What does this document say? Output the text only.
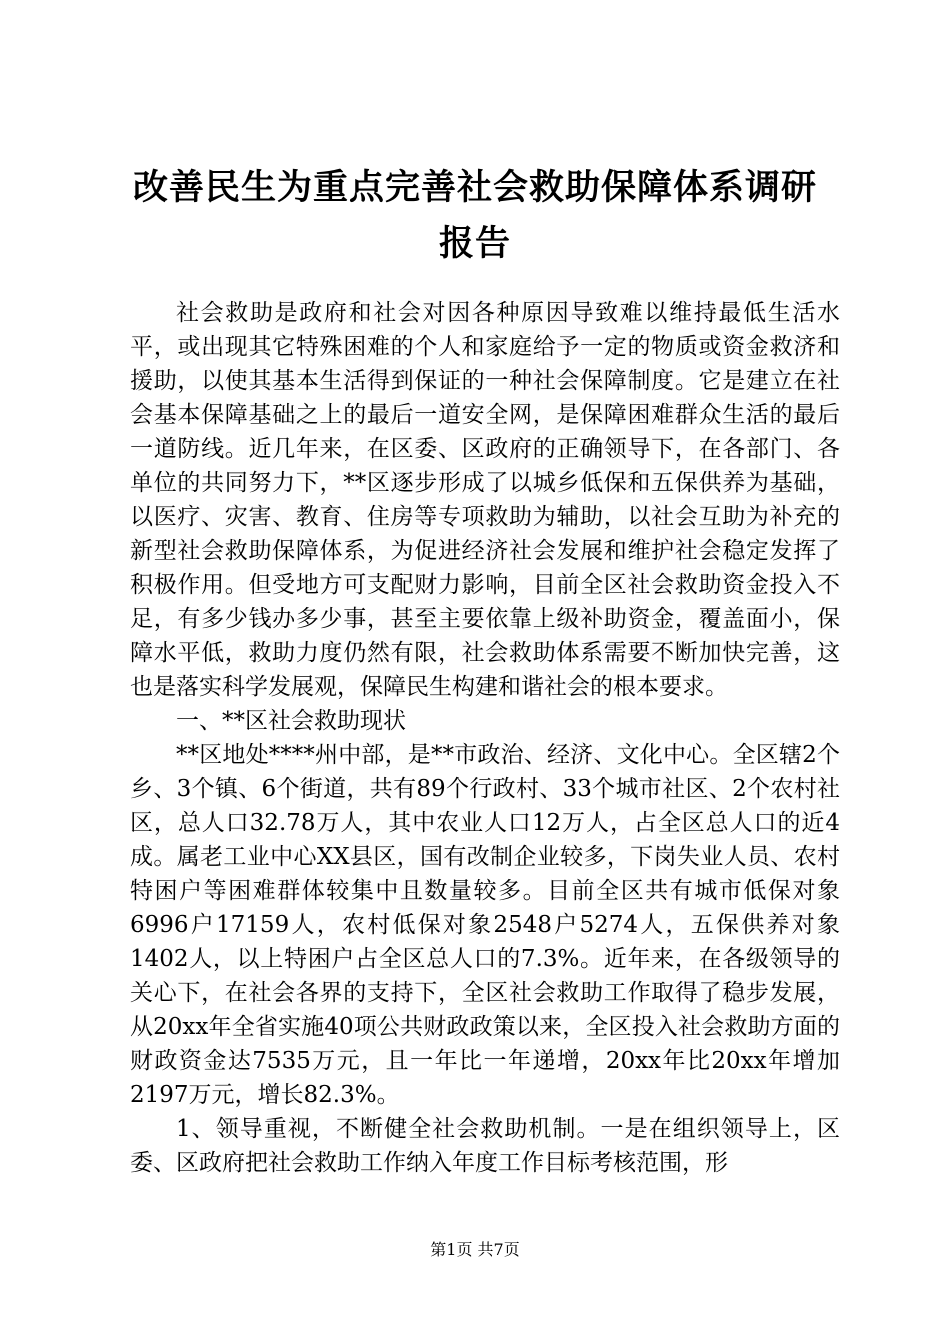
改善民生为重点完善社会救助保障体系调研报告

社会救助是政府和社会对因各种原因导致难以维持最低生活水平，或出现其它特殊困难的个人和家庭给予一定的物质或资金救济和援助，以使其基本生活得到保证的一种社会保障制度。它是建立在社会基本保障基础之上的最后一道安全网，是保障困难群众生活的最后一道防线。近几年来，在区委、区政府的正确领导下，在各部门、各单位的共同努力下，**区逐步形成了以城乡低保和五保供养为基础，以医疗、灾害、教育、住房等专项救助为辅助，以社会互助为补充的新型社会救助保障体系，为促进经济社会发展和维护社会稳定发挥了积极作用。但受地方可支配财力影响，目前全区社会救助资金投入不足，有多少钱办多少事，甚至主要依靠上级补助资金，覆盖面小，保障水平低，救助力度仍然有限，社会救助体系需要不断加快完善，这也是落实科学发展观，保障民生构建和谐社会的根本要求。

一、**区社会救助现状

**区地处****州中部，是**市政治、经济、文化中心。全区辖2个乡、3个镇、6个街道，共有89个行政村、33个城市社区、2个农村社区，总人口32.78万人，其中农业人口12万人，占全区总人口的近4成。属老工业中心XX县区，国有改制企业较多，下岗失业人员、农村特困户等困难群体较集中且数量较多。目前全区共有城市低保对象6996户17159人，农村低保对象2548户5274人，五保供养对象1402人，以上特困户占全区总人口的7.3%。近年来，在各级领导的关心下，在社会各界的支持下，全区社会救助工作取得了稳步发展，从20xx年全省实施40项公共财政政策以来，全区投入社会救助方面的财政资金达7535万元，且一年比一年递增，20xx年比20xx年增加2197万元，增长82.3%。

1、领导重视，不断健全社会救助机制。一是在组织领导上，区委、区政府把社会救助工作纳入年度工作目标考核范围，形

第1页 共7页
